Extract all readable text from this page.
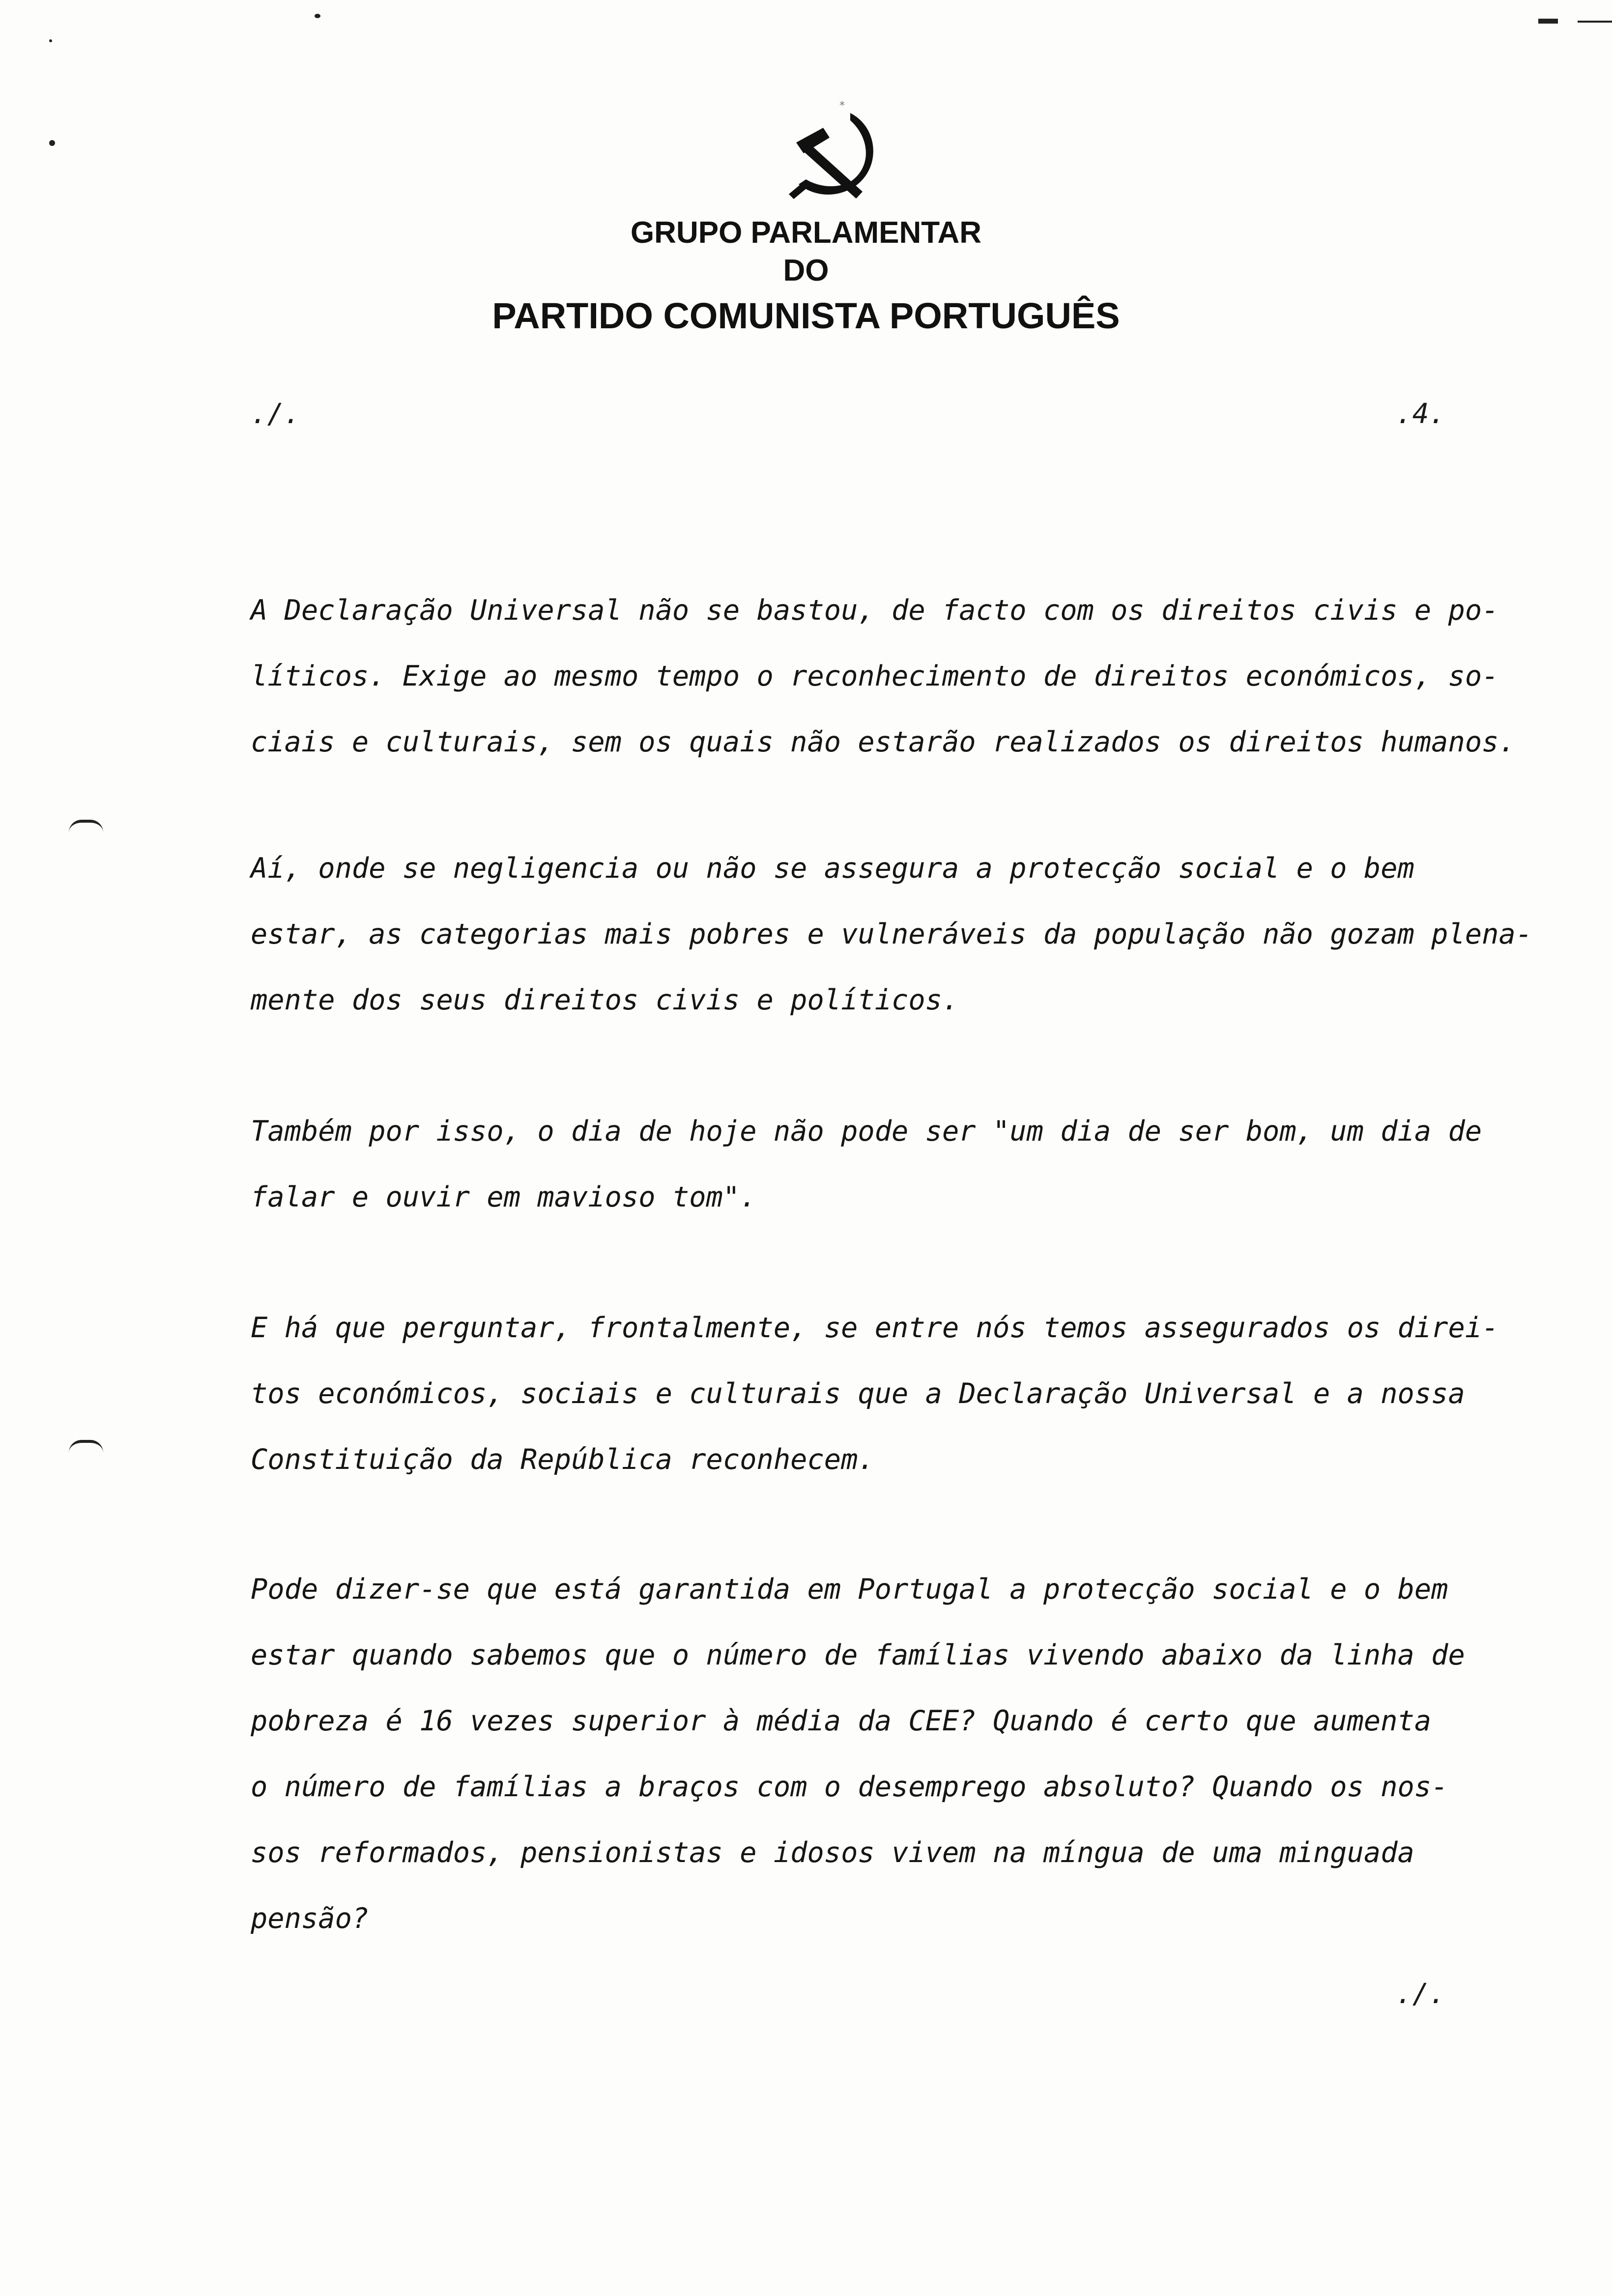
*
GRUPO PARLAMENTAR
DO
PARTIDO COMUNISTA PORTUGUÊS
./.	.4.
A Declaração Universal não se bastou, de facto com os direitos civis e po-
líticos. Exige ao mesmo tempo o reconhecimento de direitos económicos, so-
ciais e culturais, sem os quais não estarão realizados os direitos humanos.
Aí, onde se negligencia ou não se assegura a protecção social e o bem
estar, as categorias mais pobres e vulneráveis da população não gozam plena-
mente dos seus direitos civis e políticos.
Também por isso, o dia de hoje não pode ser "um dia de ser bom, um dia de
falar e ouvir em mavioso tom".
E há que perguntar, frontalmente, se entre nós temos assegurados os direi-
tos económicos, sociais e culturais que a Declaração Universal e a nossa
Constituição da República reconhecem.
Pode dizer-se que está garantida em Portugal a protecção social e o bem
estar quando sabemos que o número de famílias vivendo abaixo da linha de
pobreza é 16 vezes superior à média da CEE? Quando é certo que aumenta
o número de famílias a braços com o desemprego absoluto? Quando os nos-
sos reformados, pensionistas e idosos vivem na míngua de uma minguada
pensão?
./.
